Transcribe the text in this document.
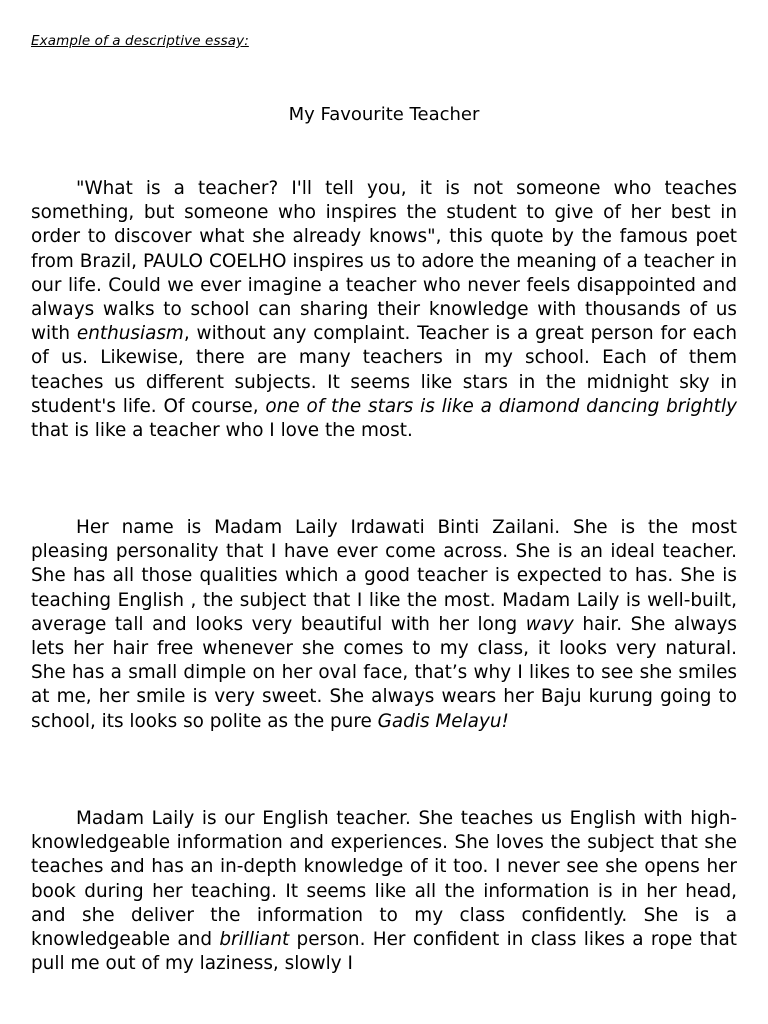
Example of a descriptive essay:
My Favourite Teacher

"What is a teacher? I'll tell you, it is not someone who teaches something, but someone who inspires the student to give of her best in order to discover what she already knows", this quote by the famous poet from Brazil, PAULO COELHO inspires us to adore the meaning of a teacher in our life. Could we ever imagine a teacher who never feels disappointed and always walks to school can sharing their knowledge with thousands of us with enthusiasm, without any complaint. Teacher is a great person for each of us. Likewise, there are many teachers in my school. Each of them teaches us different subjects. It seems like stars in the midnight sky in student's life. Of course, one of the stars is like a diamond dancing brightly that is like a teacher who I love the most.

Her name is Madam Laily Irdawati Binti Zailani. She is the most pleasing personality that I have ever come across. She is an ideal teacher. She has all those qualities which a good teacher is expected to has. She is teaching English , the subject that I like the most. Madam Laily is well-built, average tall and looks very beautiful with her long wavy hair. She always lets her hair free whenever she comes to my class, it looks very natural. She has a small dimple on her oval face, that’s why I likes to see she smiles at me, her smile is very sweet. She always wears her Baju kurung going to school, its looks so polite as the pure Gadis Melayu!

Madam Laily is our English teacher. She teaches us English with high-knowledgeable information and experiences. She loves the subject that she teaches and has an in-depth knowledge of it too. I never see she opens her book during her teaching. It seems like all the information is in her head, and she deliver the information to my class confidently. She is a knowledgeable and brilliant person. Her confident in class likes a rope that pull me out of my laziness, slowly I
